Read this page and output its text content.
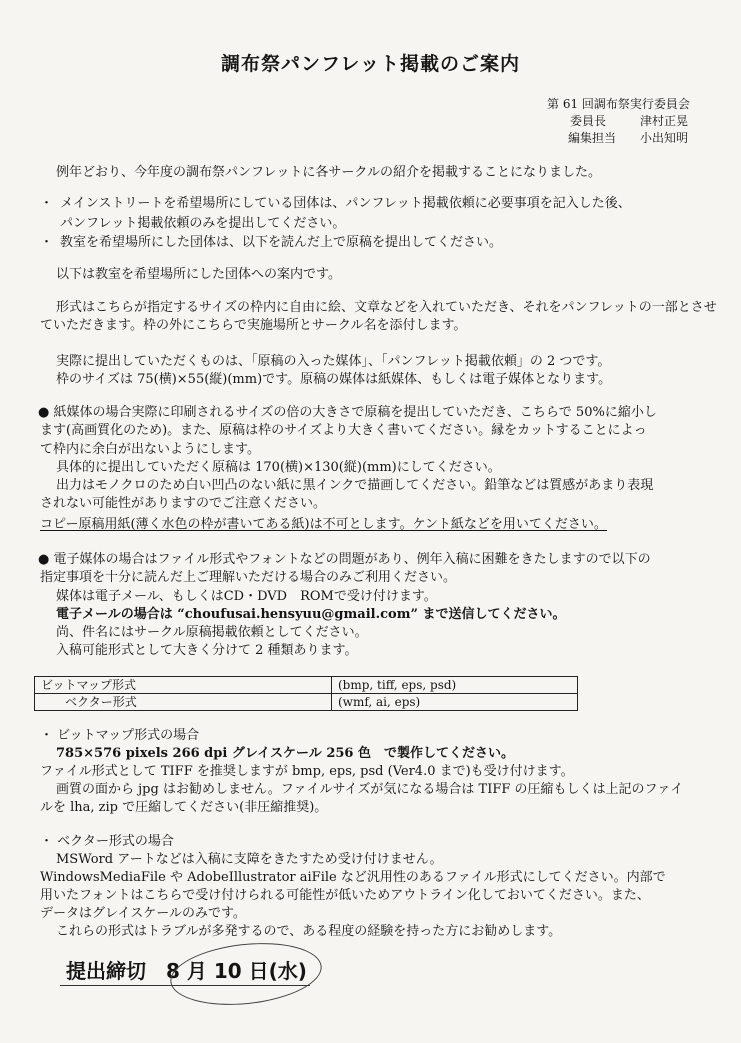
調布祭パンフレット掲載のご案内
第 61 回調布祭実行委員会
委員長	津村正晃
編集担当 小出知明
例年どおり、今年度の調布祭パンフレットに各サークルの紹介を掲載することになりました。
・ メインストリートを希望場所にしている団体は、パンフレット掲載依頼に必要事項を記入した後、
パンフレット掲載依頼のみを提出してください。
・ 教室を希望場所にした団体は、以下を読んだ上で原稿を提出してください。
以下は教室を希望場所にした団体への案内です。
形式はこちらが指定するサイズの枠内に自由に絵、文章などを入れていただき、それをパンフレットの一部とさせ
ていただきます。枠の外にこちらで実施場所とサークル名を添付します。
実際に提出していただくものは、「原稿の入った媒体」、「パンフレット掲載依頼」の 2 つです。
枠のサイズは 75(横)×55(縦)(mm)です。原稿の媒体は紙媒体、もしくは電子媒体となります。
● 紙媒体の場合実際に印刷されるサイズの倍の大きさで原稿を提出していただき、こちらで 50%に縮小し
ます(高画質化のため)。また、原稿は枠のサイズより大きく書いてください。縁をカットすることによっ
て枠内に余白が出ないようにします。
具体的に提出していただく原稿は 170(横)×130(縦)(mm)にしてください。
出力はモノクロのため白い凹凸のない紙に黒インクで描画してください。鉛筆などは質感があまり表現
されない可能性がありますのでご注意ください。
コピー原稿用紙(薄く水色の枠が書いてある紙)は不可とします。ケント紙などを用いてください。
● 電子媒体の場合はファイル形式やフォントなどの問題があり、例年入稿に困難をきたしますので以下の
指定事項を十分に読んだ上ご理解いただける場合のみご利用ください。
媒体は電子メール、もしくはCD・DVD　ROMで受け付けます。
電子メールの場合は “choufusai.hensyuu@gmail.com” まで送信してください。
尚、件名にはサークル原稿掲載依頼としてください。
入稿可能形式として大きく分けて 2 種類あります。
ビットマップ形式	(bmp, tiff, eps, psd)
ベクター形式	(wmf, ai, eps)
・ ビットマップ形式の場合
785×576 pixels 266 dpi グレイスケール 256 色　で製作してください。
ファイル形式として TIFF を推奨しますが bmp, eps, psd (Ver4.0 まで)も受け付けます。
画質の面から jpg はお勧めしません。ファイルサイズが気になる場合は TIFF の圧縮もしくは上記のファイ
ルを lha, zip で圧縮してください(非圧縮推奨)。
・ ベクター形式の場合
MSWord アートなどは入稿に支障をきたすため受け付けません。
WindowsMediaFile や AdobeIllustrator aiFile など汎用性のあるファイル形式にしてください。内部で
用いたフォントはこちらで受け付けられる可能性が低いためアウトライン化しておいてください。また、
データはグレイスケールのみです。
これらの形式はトラブルが多発するので、ある程度の経験を持った方にお勧めします。
提出締切　8 月 10 日(水)
